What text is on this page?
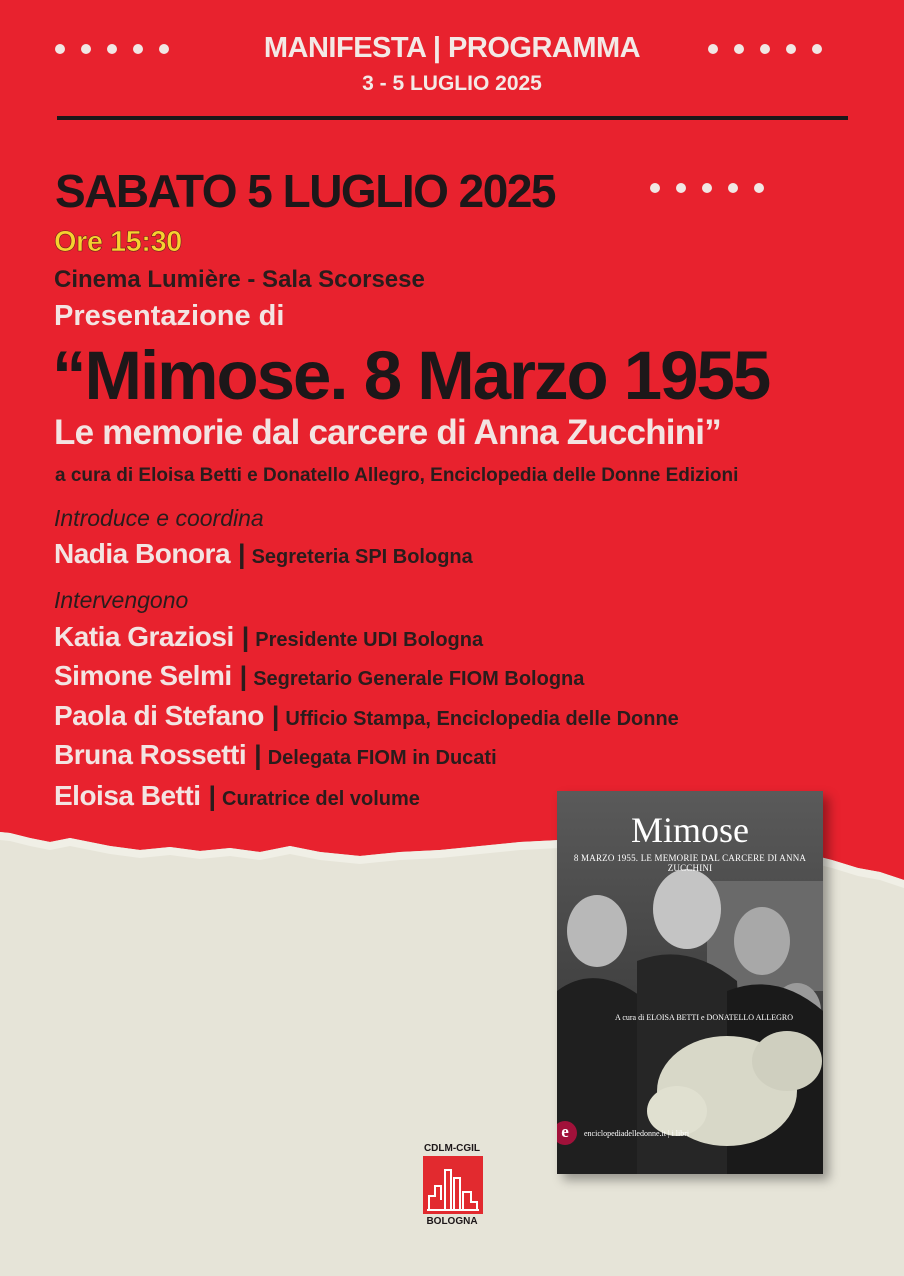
MANIFESTA | PROGRAMMA
3 - 5 LUGLIO 2025
SABATO 5 LUGLIO 2025
Ore 15:30
Cinema Lumière - Sala Scorsese
Presentazione di
“Mimose. 8 Marzo 1955
Le memorie dal carcere di Anna Zucchini”
a cura di Eloisa Betti e Donatello Allegro, Enciclopedia delle Donne Edizioni
Introduce e coordina
Nadia Bonora | Segreteria SPI Bologna
Intervengono
Katia Graziosi | Presidente UDI Bologna
Simone Selmi | Segretario Generale FIOM Bologna
Paola di Stefano | Ufficio Stampa, Enciclopedia delle Donne
Bruna Rossetti | Delegata FIOM in Ducati
Eloisa Betti | Curatrice del volume
Mimose
8 MARZO 1955. LE MEMORIE DAL CARCERE DI ANNA ZUCCHINI
A cura di ELOISA BETTI e DONATELLO ALLEGRO
e	enciclopediadelledonne.it | i libri
CDLM-CGIL
BOLOGNA
